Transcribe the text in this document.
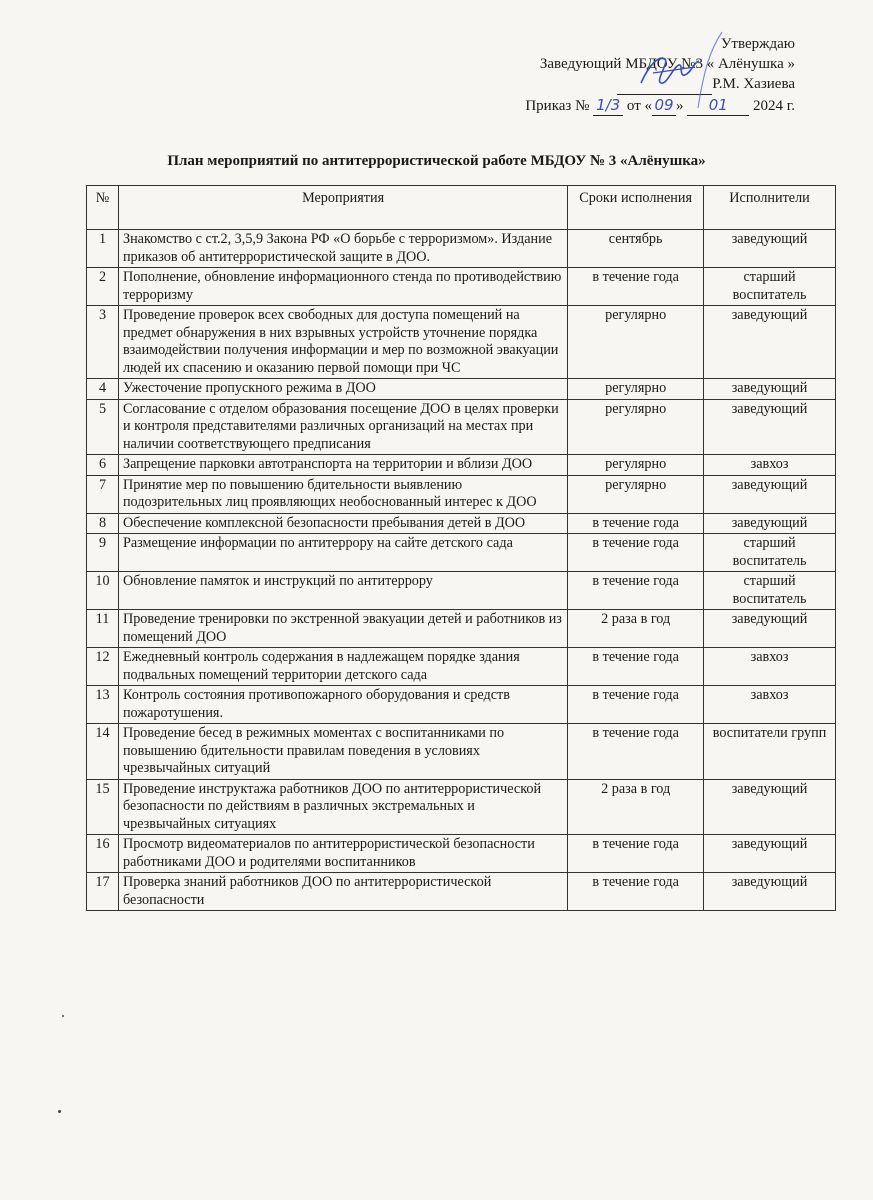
Утверждаю
Заведующий МБДОУ №3 « Алёнушка »
Р.М. Хазиева
Приказ № 1/3 от « 09 » 01 2024 г.
План мероприятий по антитеррористической работе МБДОУ № 3 «Алёнушка»
№	Мероприятия	Сроки исполнения	Исполнители
1	Знакомство с ст.2, 3,5,9 Закона РФ «О борьбе с терроризмом». Издание приказов об антитеррористической защите в ДОО.	сентябрь	заведующий
2	Пополнение, обновление информационного стенда по противодействию терроризму	в течение года	старший воспитатель
3	Проведение проверок всех свободных для доступа помещений на предмет обнаружения в них взрывных устройств уточнение порядка взаимодействии получения информации и мер по возможной эвакуации людей их спасению и оказанию первой помощи при ЧС	регулярно	заведующий
4	Ужесточение пропускного режима в ДОО	регулярно	заведующий
5	Согласование с отделом образования посещение ДОО в целях проверки и контроля представителями различных организаций на местах при наличии соответствующего предписания	регулярно	заведующий
6	Запрещение парковки автотранспорта на территории и вблизи ДОО	регулярно	завхоз
7	Принятие мер по повышению бдительности выявлению подозрительных лиц проявляющих необоснованный интерес к ДОО	регулярно	заведующий
8	Обеспечение комплексной безопасности пребывания детей в ДОО	в течение года	заведующий
9	Размещение информации по антитеррору на сайте детского сада	в течение года	старший воспитатель
10	Обновление памяток и инструкций по антитеррору	в течение года	старший воспитатель
11	Проведение тренировки по экстренной эвакуации детей и работников из помещений ДОО	2 раза в год	заведующий
12	Ежедневный контроль содержания в надлежащем порядке здания подвальных помещений территории детского сада	в течение года	завхоз
13	Контроль состояния противопожарного оборудования и средств пожаротушения.	в течение года	завхоз
14	Проведение бесед в режимных моментах с воспитанниками по повышению бдительности правилам поведения в условиях чрезвычайных ситуаций	в течение года	воспитатели групп
15	Проведение инструктажа работников ДОО по антитеррористической безопасности по действиям в различных экстремальных и чрезвычайных ситуациях	2 раза в год	заведующий
16	Просмотр видеоматериалов по антитеррористической безопасности работниками ДОО и родителями воспитанников	в течение года	заведующий
17	Проверка знаний работников ДОО по антитеррористической безопасности	в течение года	заведующий
